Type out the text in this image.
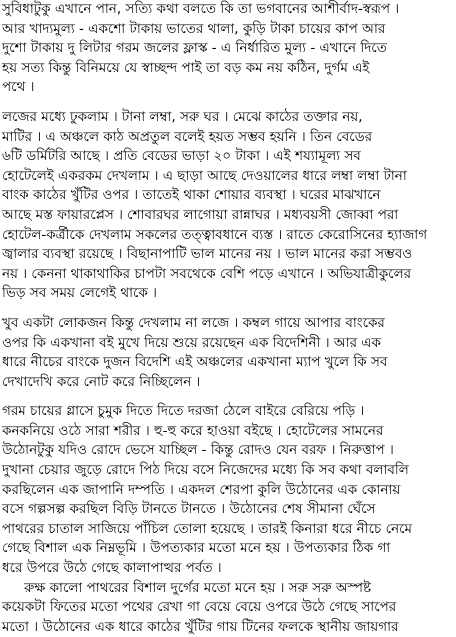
সুবিধাটুকু এখানে পান, সত্যি কথা বলতে কি তা ভগবানের আশীর্বাদ-স্বরূপ ।
আর খাদ্যমুল্য - একশো টাকায় ভাতের থালা, কুড়ি টাকা চায়ের কাপ আর
দুশো টাকায় দু লিটার গরম জলের ফ্লাস্ক - এ নির্ধারিত মুল্য - এখানে দিতে
হয় সত্য কিন্তু বিনিময়ে যে স্বাচ্ছন্দ পাই তা বড় কম নয় কঠিন, দুর্গম এই
পথে ।
লজের মধ্যে ঢুকলাম । টানা লম্বা, সরু ঘর । মেঝে কাঠের তক্তার নয়,
মাটির । এ অঞ্চলে কাঠ অপ্রতুল বলেই হয়ত সম্ভব হয়নি । তিন বেডের
৬টি ডর্মিটরি আছে । প্রতি বেডের ভাড়া ২০ টাকা । এই শয্যামূল্য সব
হোটেলেই একরকম দেখলাম । এ ছাড়া আছে দেওয়ালের ধারে লম্বা লম্বা টানা
বাংক কাঠের খুঁটির ওপর । তাতেই থাকা শোয়ার ব্যবস্থা । ঘরের মাঝখানে
আছে মস্ত ফায়ারপ্লেস । শোবারঘর লাগোয়া রান্নাঘর । মধ্যবয়সী জোব্বা পরা
হোটেল-কর্ত্রীকে দেখলাম সকলের তত্ত্বাবধানে ব্যস্ত । রাতে কেরোসিনের হ্যাজাগ
জ্বালার ব্যবস্থা রয়েছে । বিছানাপাটি ভাল মানের নয় । ভাল মানের করা সম্ভবও
নয় । কেননা থাকাথাকির চাপটা সবথেকে বেশি পড়ে এখানে । অভিযাত্রীকুলের
ভিড় সব সময় লেগেই থাকে ।
খুব একটা লোকজন কিন্তু দেখলাম না লজে । কম্বল গায়ে আপার বাংকের
ওপর কি একখানা বই মুখে দিয়ে শুয়ে রয়েছেন এক বিদেশিনী । আর এক
ধারে নীচের বাংকে দুজন বিদেশি এই অঞ্চলের একখানা ম্যাপ খুলে কি সব
দেখাদেখি করে নোট করে নিচ্ছিলেন ।
গরম চায়ের গ্লাসে চুমুক দিতে দিতে দরজা ঠেলে বাইরে বেরিয়ে পড়ি ।
কনকনিয়ে ওঠে সারা শরীর । হু-হু করে হাওয়া বইছে । হোটেলের সামনের
উঠোনটুকু যদিও রোদে ভেসে যাচ্ছিল - কিন্তু রোদও যেন বরফ । নিরুত্তাপ ।
দুখানা চেয়ার জুড়ে রোদে পিঠ দিয়ে বসে নিজেদের মধ্যে কি সব কথা বলাবলি
করছিলেন এক জাপানি দম্পতি । একদল শেরপা কুলি উঠোনের এক কোনায়
বসে গল্পসল্প করছিল বিড়ি টানতে টানতে । উঠোনের শেষ সীমানা ঘেঁসে
পাথরের চাতাল সাজিয়ে পাঁচিল তোলা হয়েছে । তারই কিনারা ধরে নীচে নেমে
গেছে বিশাল এক নিম্নভূমি । উপত্যকার মতো মনে হয় । উপত্যকার ঠিক গা
ধরে উপরে উঠে গেছে কালাপাত্থর পর্বত ।
রুক্ষ কালো পাথরের বিশাল দুর্গের মতো মনে হয় । সরু সরু অস্পষ্ট
কয়েকটা ফিতের মতো পথের রেখা গা বেয়ে বেয়ে ওপরে উঠে গেছে সাপের
মতো । উঠোনের এক ধারে কাঠের খুঁটির গায় টিনের ফলকে স্থানীয় জায়গার
